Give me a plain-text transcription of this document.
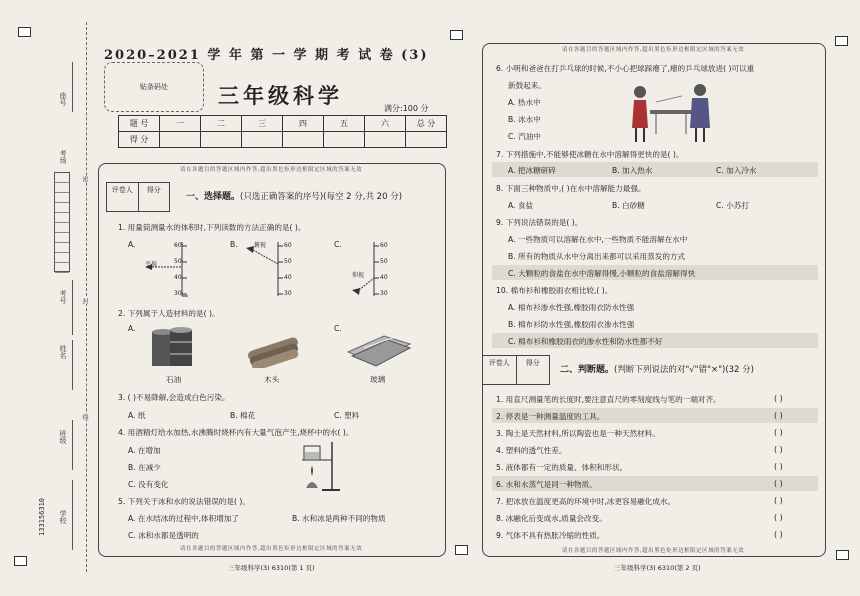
座号
考场
考号
姓名
班级
学校
密
封
线
1331​56310
2020–2021 学 年 第 一 学 期 考 试 卷 (3)
贴条码处 三年级科学
满分:100 分
题 号	一	二	三	四	五	六	总 分
得 分							
请在各题目的答题区域内作答,超出黑色矩形边框限定区域的答案无效
请在各题目的答题区域内作答,超出黑色矩形边框限定区域的答案无效
评卷人	得分
一、选择题。(只选正确答案的序号)(每空 2 分,共 20 分)
1. 用量筒测量水的体积时,下列读数的方法正确的是( )。
A.	B.	C.
平视
60
50
40
30
俯视	60
50
40
30
仰视
60
50
40
30
2. 下列属于人造材料的是( )。
A.	C.
石油	木头	玻璃
3. ( )不易降解,会造成白色污染。
A. 纸	B. 棉花	C. 塑料
4. 用酒精灯给水加热,水沸腾时烧杯内有大量气泡产生,烧杯中的水( )。
A. 在增加
B. 在减少
C. 没有变化
5. 下列关于冰和水的说法错误的是( )。
A. 在水结冰的过程中,体积增加了	B. 水和冰是两种不同的物质
C. 冰和水都是透明的
请在各题目的答题区域内作答,超出黑色矩形边框限定区域的答案无效
请在各题目的答题区域内作答,超出黑色矩形边框限定区域的答案无效
6. 小明和爸爸在打乒乓球的时候,不小心把球踩瘪了,瘪的乒乓球放进( )可以重
新鼓起来。
A. 热水中
B. 冰水中
C. 汽油中
7. 下列措施中,不能够使冰糖在水中溶解得更快的是( )。
A. 把冰糖研碎	B. 加入热水	C. 加入冷水
8. 下面三种物质中,( )在水中溶解能力最强。
A. 食盐	B. 白砂糖	C. 小苏打
9. 下列说法错误的是( )。
A. 一些物质可以溶解在水中,一些物质不能溶解在水中
B. 所有的物质从水中分离出来都可以采用蒸发的方式
C. 大颗粒的食盐在水中溶解得慢,小颗粒的食盐溶解得快
10. 棉布衫和橡胶雨衣相比较,( )。
A. 棉布衫渗水性强,橡胶雨衣防水性强
B. 棉布衫防水性强,橡胶雨衣渗水性强
C. 棉布衫和橡胶雨衣的渗水性和防水性都不好
评卷人	得分
二、判断题。(判断下列说法的对"√"错"×")(32 分)
1. 用直尺测量笔的长度时,要注意直尺的零刻度线与笔的一端对齐。	( )
2. 停表是一种测量温度的工具。	( )
3. 陶土是天然材料,所以陶瓷也是一种天然材料。	( )
4. 塑料的透气性差。	( )
5. 液体都有一定的质量、体积和形状。	( )
6. 水和水蒸气是同一种物质。	( )
7. 把冰放在温度更高的环境中时,冰更容易融化成水。	( )
8. 冰融化后变成水,质量会改变。	( )
9. 气体不具有热胀冷缩的性质。	( )
三年级科学(3) 6310(第 1 页)	三年级科学(3) 6310(第 2 页)
